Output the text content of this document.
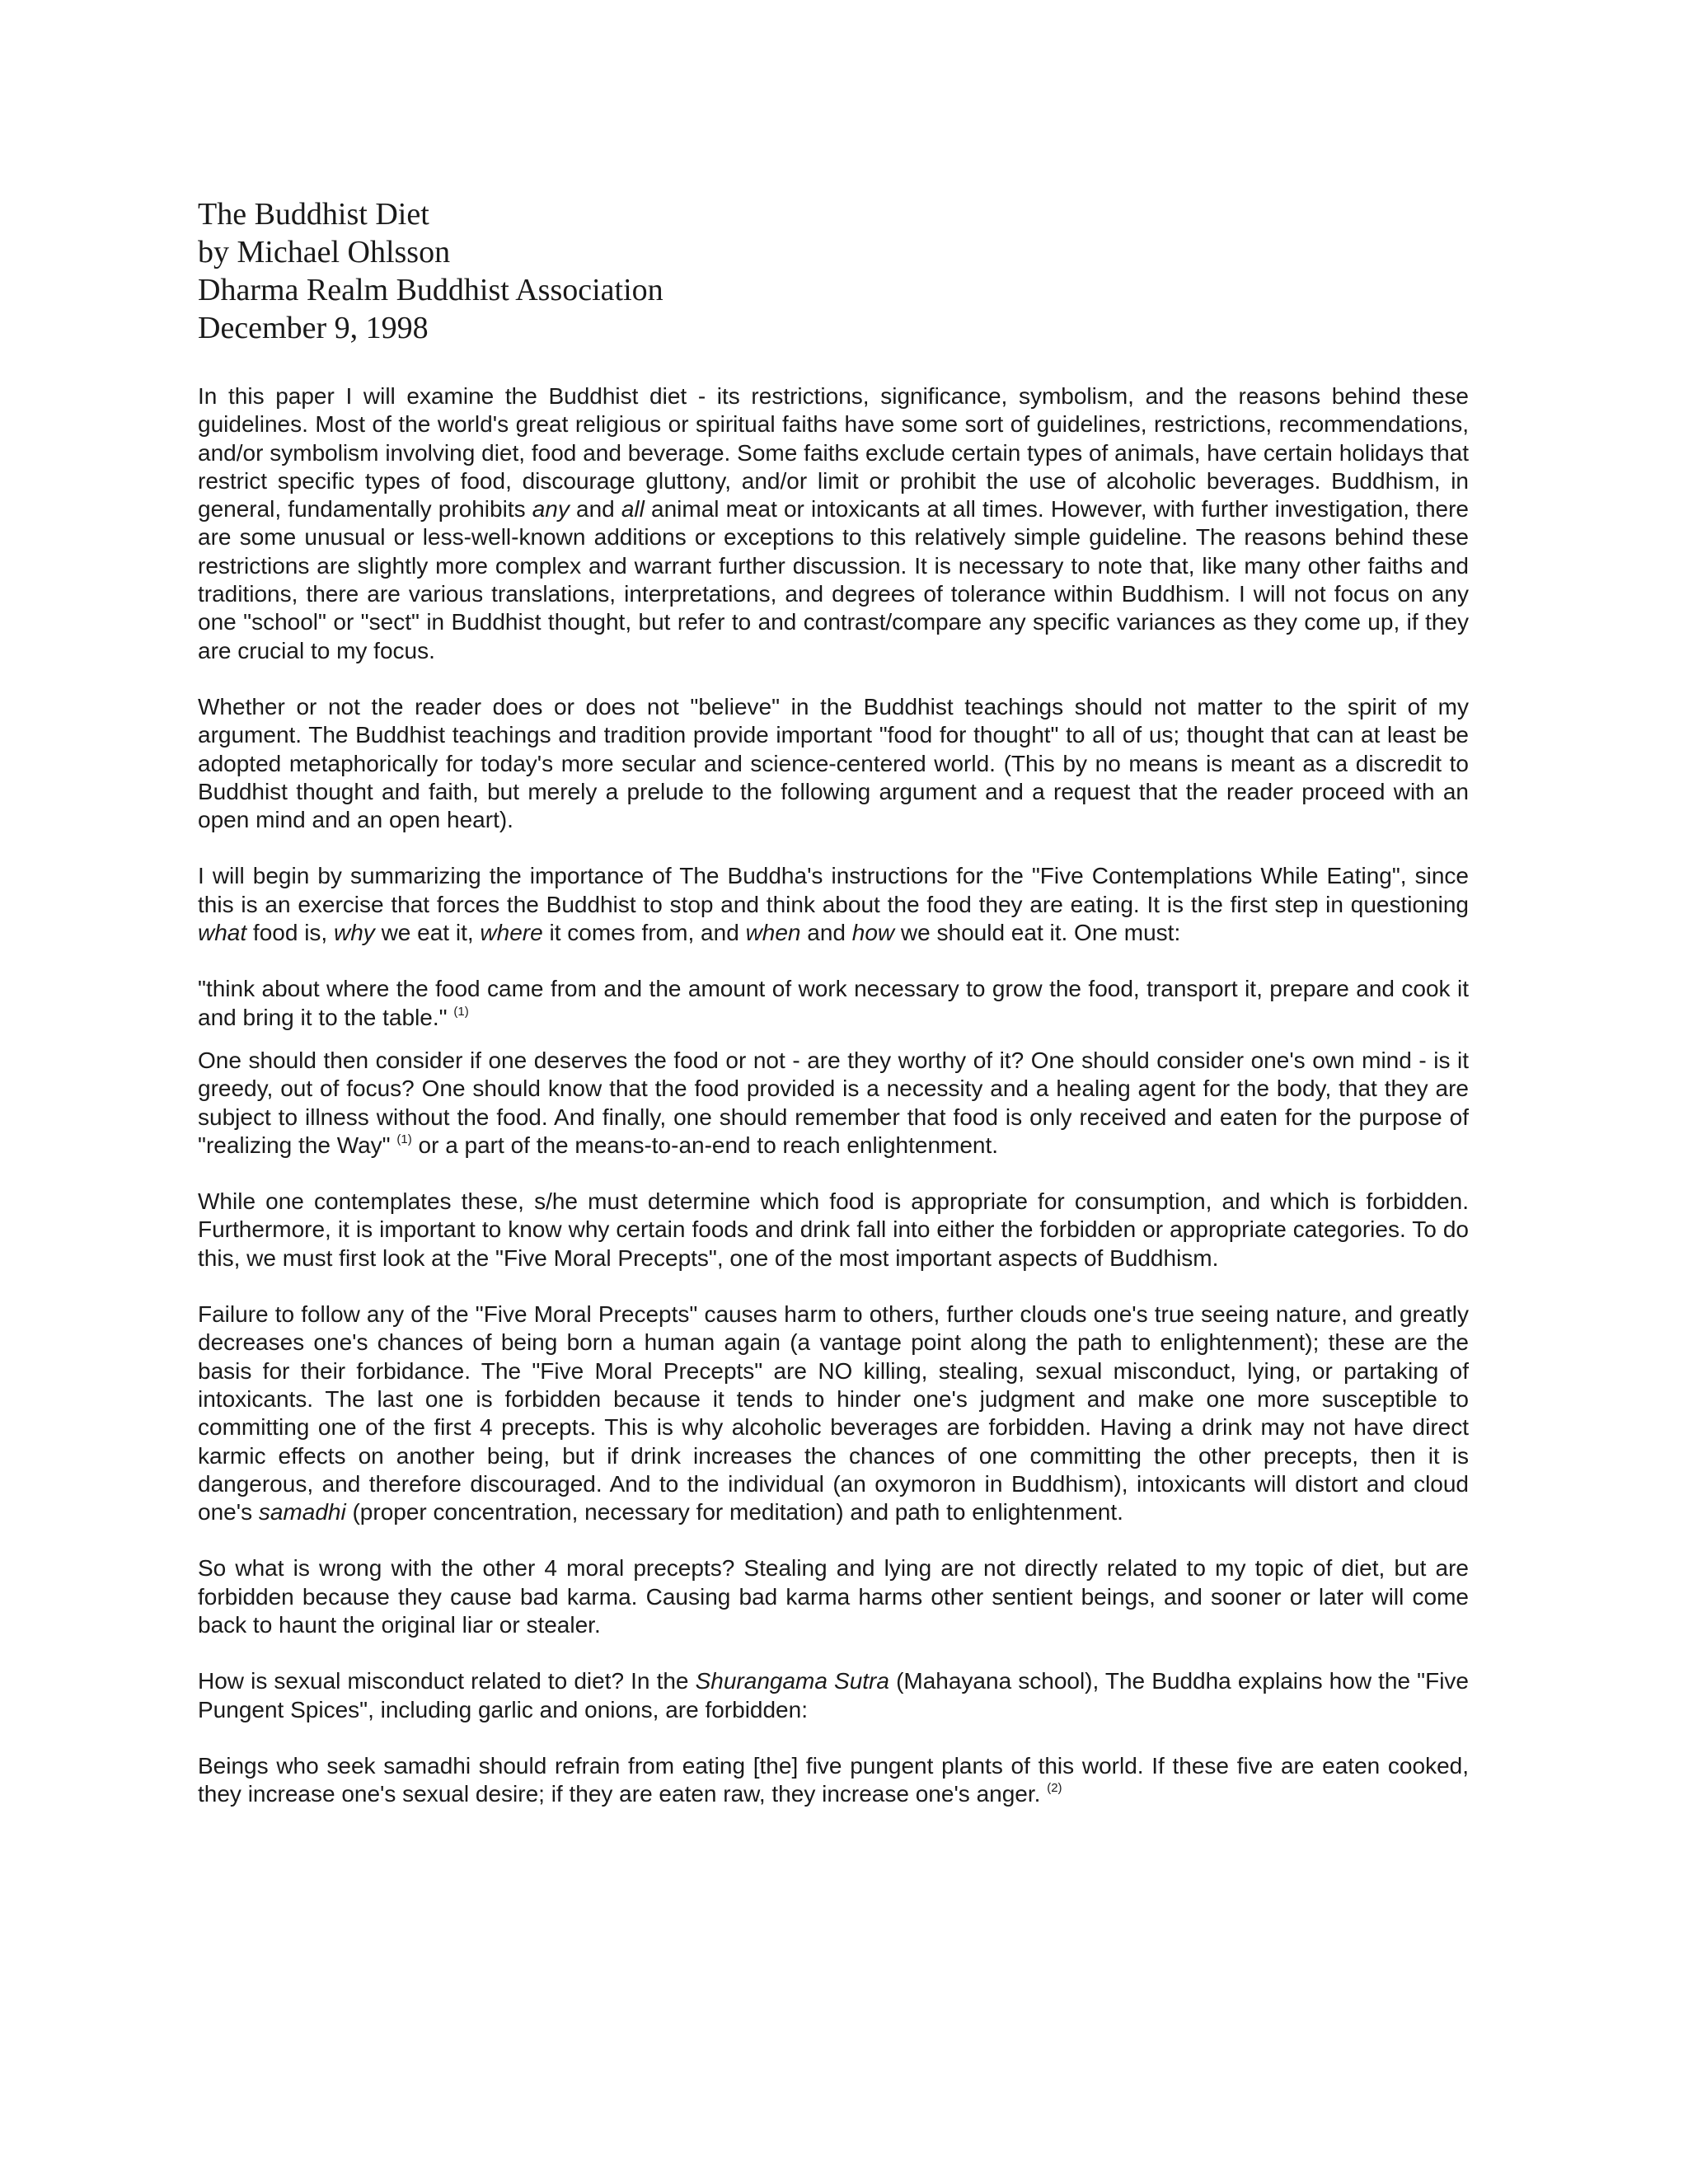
The Buddhist Diet
by Michael Ohlsson
Dharma Realm Buddhist Association
December 9, 1998

In this paper I will examine the Buddhist diet - its restrictions, significance, symbolism, and the reasons behind these guidelines. Most of the world's great religious or spiritual faiths have some sort of guidelines, restrictions, recommendations, and/or symbolism involving diet, food and beverage. Some faiths exclude certain types of animals, have certain holidays that restrict specific types of food, discourage gluttony, and/or limit or prohibit the use of alcoholic beverages. Buddhism, in general, fundamentally prohibits any and all animal meat or intoxicants at all times. However, with further investigation, there are some unusual or less-well-known additions or exceptions to this relatively simple guideline. The reasons behind these restrictions are slightly more complex and warrant further discussion. It is necessary to note that, like many other faiths and traditions, there are various translations, interpretations, and degrees of tolerance within Buddhism. I will not focus on any one "school" or "sect" in Buddhist thought, but refer to and contrast/compare any specific variances as they come up, if they are crucial to my focus.

Whether or not the reader does or does not "believe" in the Buddhist teachings should not matter to the spirit of my argument. The Buddhist teachings and tradition provide important "food for thought" to all of us; thought that can at least be adopted metaphorically for today's more secular and science-centered world. (This by no means is meant as a discredit to Buddhist thought and faith, but merely a prelude to the following argument and a request that the reader proceed with an open mind and an open heart).

I will begin by summarizing the importance of The Buddha's instructions for the "Five Contemplations While Eating", since this is an exercise that forces the Buddhist to stop and think about the food they are eating. It is the first step in questioning what food is, why we eat it, where it comes from, and when and how we should eat it. One must:

"think about where the food came from and the amount of work necessary to grow the food, transport it, prepare and cook it and bring it to the table." $^{(1)}$

One should then consider if one deserves the food or not - are they worthy of it? One should consider one's own mind - is it greedy, out of focus? One should know that the food provided is a necessity and a healing agent for the body, that they are subject to illness without the food. And finally, one should remember that food is only received and eaten for the purpose of "realizing the Way" $^{(1)}$ or a part of the means-to-an-end to reach enlightenment.

While one contemplates these, s/he must determine which food is appropriate for consumption, and which is forbidden. Furthermore, it is important to know why certain foods and drink fall into either the forbidden or appropriate categories. To do this, we must first look at the "Five Moral Precepts", one of the most important aspects of Buddhism.

Failure to follow any of the "Five Moral Precepts" causes harm to others, further clouds one's true seeing nature, and greatly decreases one's chances of being born a human again (a vantage point along the path to enlightenment); these are the basis for their forbidance. The "Five Moral Precepts" are NO killing, stealing, sexual misconduct, lying, or partaking of intoxicants. The last one is forbidden because it tends to hinder one's judgment and make one more susceptible to committing one of the first 4 precepts. This is why alcoholic beverages are forbidden. Having a drink may not have direct karmic effects on another being, but if drink increases the chances of one committing the other precepts, then it is dangerous, and therefore discouraged. And to the individual (an oxymoron in Buddhism), intoxicants will distort and cloud one's samadhi (proper concentration, necessary for meditation) and path to enlightenment.

So what is wrong with the other 4 moral precepts? Stealing and lying are not directly related to my topic of diet, but are forbidden because they cause bad karma. Causing bad karma harms other sentient beings, and sooner or later will come back to haunt the original liar or stealer.

How is sexual misconduct related to diet? In the Shurangama Sutra (Mahayana school), The Buddha explains how the "Five Pungent Spices", including garlic and onions, are forbidden:

Beings who seek samadhi should refrain from eating [the] five pungent plants of this world. If these five are eaten cooked, they increase one's sexual desire; if they are eaten raw, they increase one's anger. $^{(2)}$
